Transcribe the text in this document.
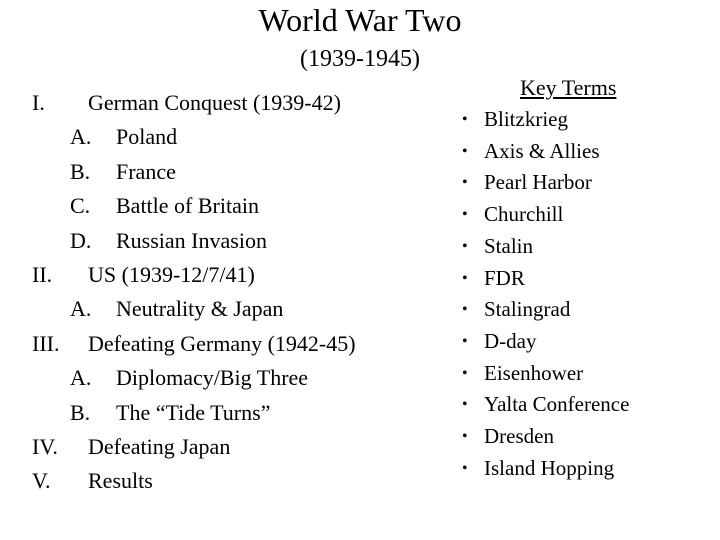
World War Two
(1939-1945)
I. German Conquest (1939-42)
A. Poland
B. France
C. Battle of Britain
D. Russian Invasion
II. US (1939-12/7/41)
A. Neutrality & Japan
III. Defeating Germany (1942-45)
A. Diplomacy/Big Three
B. The “Tide Turns”
IV. Defeating Japan
V. Results
Key Terms
• Blitzkrieg
• Axis & Allies
• Pearl Harbor
• Churchill
• Stalin
• FDR
• Stalingrad
• D-day
• Eisenhower
• Yalta Conference
• Dresden
• Island Hopping
